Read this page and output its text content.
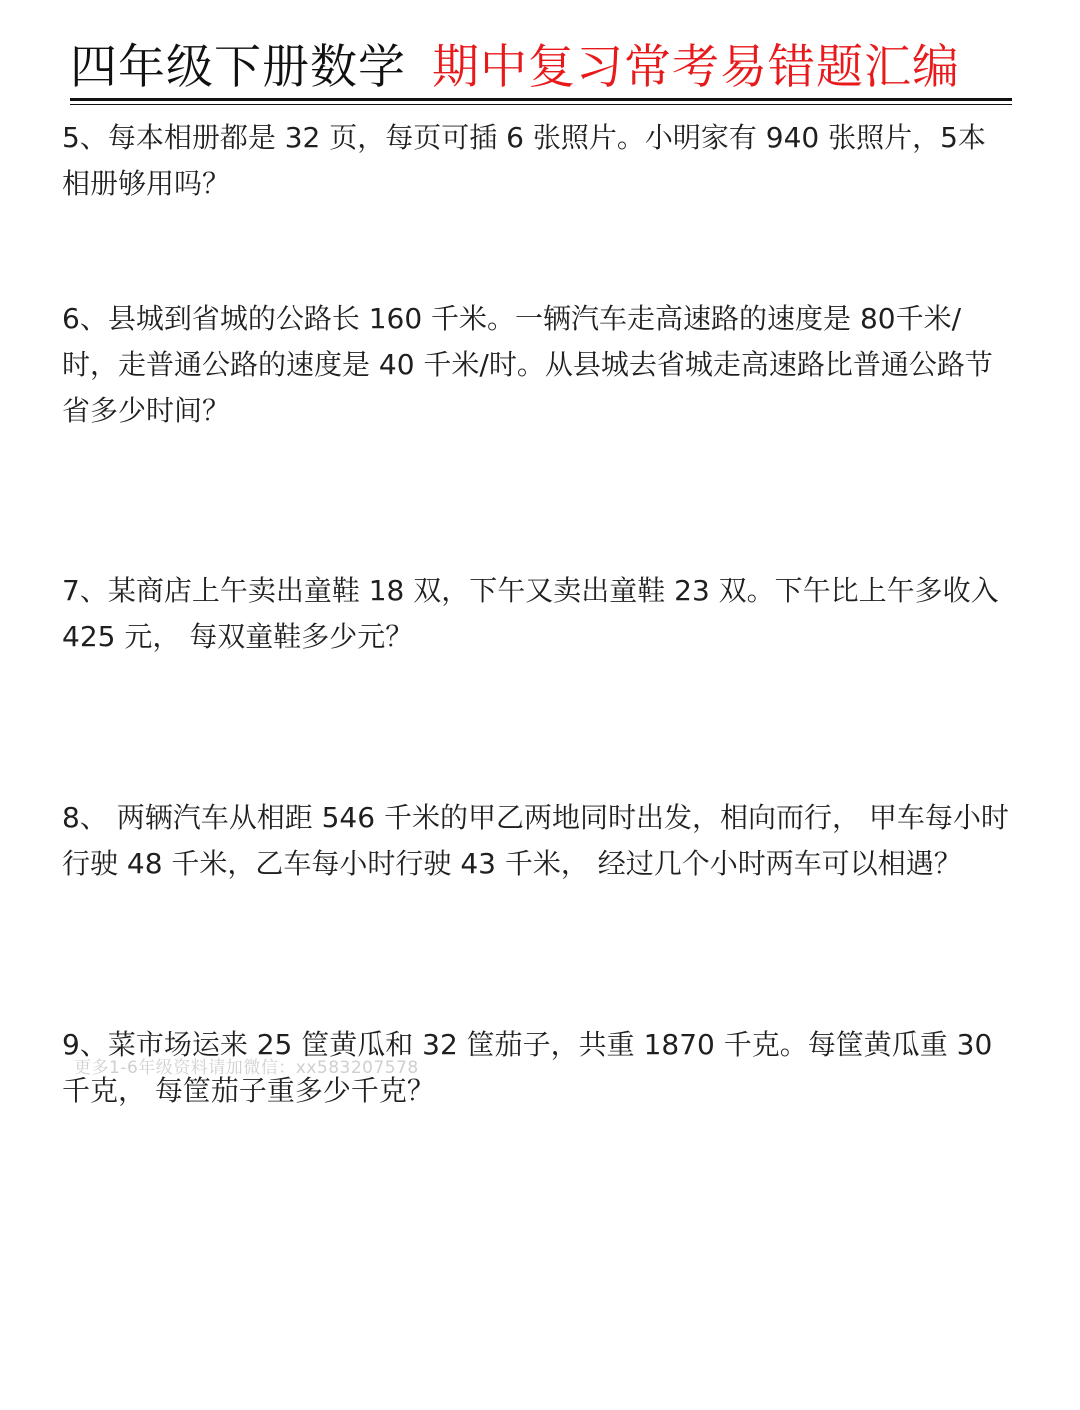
四年级下册数学 期中复习常考易错题汇编

5、每本相册都是 32 页，每页可插 6 张照片。小明家有 940 张照片，5本相册够用吗？

6、县城到省城的公路长 160 千米。一辆汽车走高速路的速度是 80千米/时，走普通公路的速度是 40 千米/时。从县城去省城走高速路比普通公路节省多少时间？

7、某商店上午卖出童鞋 18 双，下午又卖出童鞋 23 双。下午比上午多收入 425 元， 每双童鞋多少元？

8、 两辆汽车从相距 546 千米的甲乙两地同时出发，相向而行， 甲车每小时行驶 48 千米，乙车每小时行驶 43 千米， 经过几个小时两车可以相遇？

更多1-6年级资料请加微信：xx583207578

9、菜市场运来 25 筐黄瓜和 32 筐茄子，共重 1870 千克。每筐黄瓜重 30 千克， 每筐茄子重多少千克？
